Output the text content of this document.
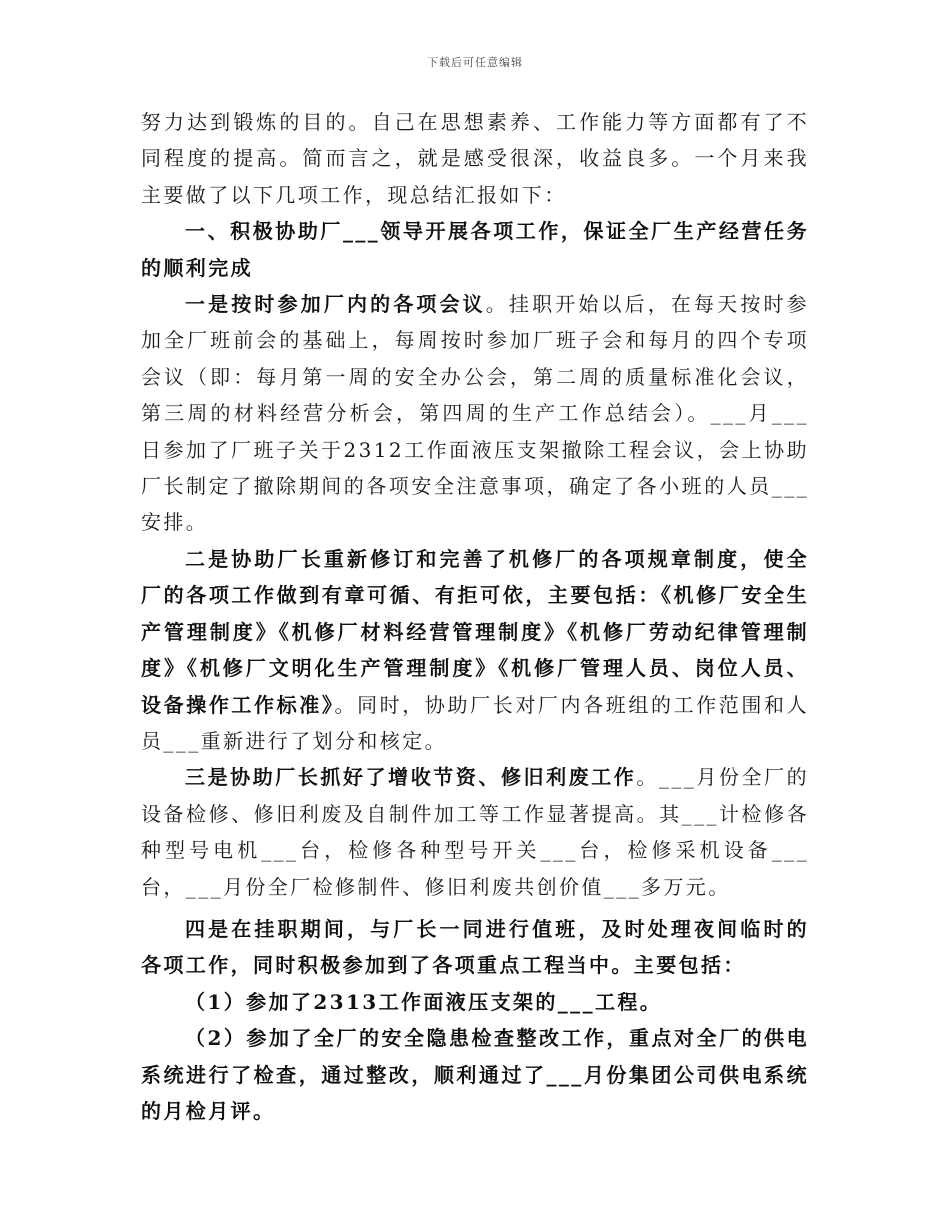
下载后可任意编辑

努力达到锻炼的目的。自己在思想素养、工作能力等方面都有了不同程度的提高。简而言之，就是感受很深，收益良多。一个月来我主要做了以下几项工作，现总结汇报如下：

一、积极协助厂___领导开展各项工作，保证全厂生产经营任务的顺利完成

一是按时参加厂内的各项会议。挂职开始以后，在每天按时参加全厂班前会的基础上，每周按时参加厂班子会和每月的四个专项会议（即：每月第一周的安全办公会，第二周的质量标准化会议，第三周的材料经营分析会，第四周的生产工作总结会）。___月___日参加了厂班子关于2312工作面液压支架撤除工程会议，会上协助厂长制定了撤除期间的各项安全注意事项，确定了各小班的人员___安排。

二是协助厂长重新修订和完善了机修厂的各项规章制度，使全厂的各项工作做到有章可循、有拒可依，主要包括：《机修厂安全生产管理制度》《机修厂材料经营管理制度》《机修厂劳动纪律管理制度》《机修厂文明化生产管理制度》《机修厂管理人员、岗位人员、设备操作工作标准》。同时，协助厂长对厂内各班组的工作范围和人员___重新进行了划分和核定。

三是协助厂长抓好了增收节资、修旧利废工作。___月份全厂的设备检修、修旧利废及自制件加工等工作显著提高。其___计检修各种型号电机___台，检修各种型号开关___台，检修采机设备___台，___月份全厂检修制件、修旧利废共创价值___多万元。

四是在挂职期间，与厂长一同进行值班，及时处理夜间临时的各项工作，同时积极参加到了各项重点工程当中。主要包括：

（1）参加了2313工作面液压支架的___工程。

（2）参加了全厂的安全隐患检查整改工作，重点对全厂的供电系统进行了检查，通过整改，顺利通过了___月份集团公司供电系统的月检月评。
